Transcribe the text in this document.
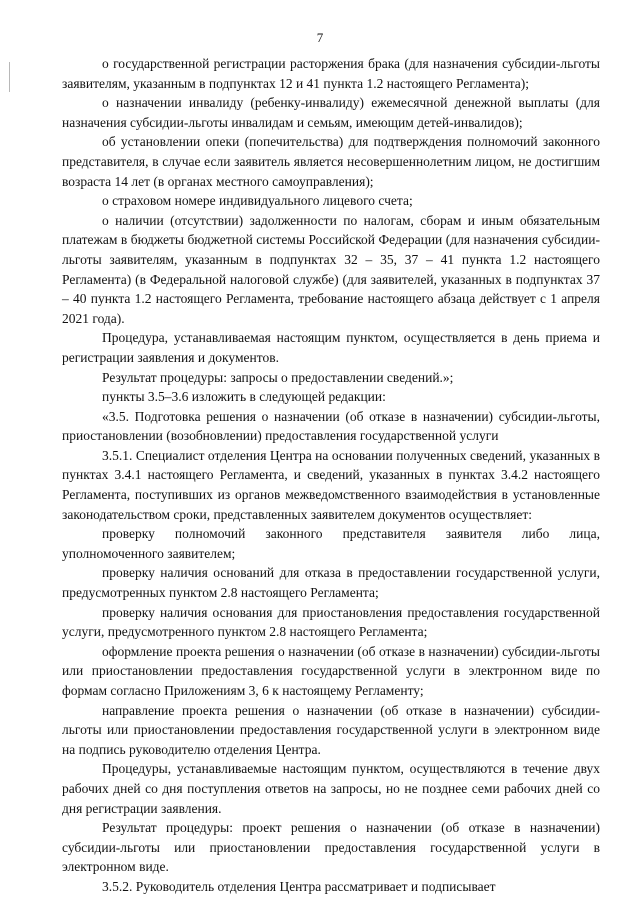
7

о государственной регистрации расторжения брака (для назначения субсидии-льготы заявителям, указанным в подпунктах 12 и 41 пункта 1.2 настоящего Регламента);

о назначении инвалиду (ребенку-инвалиду) ежемесячной денежной выплаты (для назначения субсидии-льготы инвалидам и семьям, имеющим детей-инвалидов);

об установлении опеки (попечительства) для подтверждения полномочий законного представителя, в случае если заявитель является несовершеннолетним лицом, не достигшим возраста 14 лет (в органах местного самоуправления);

о страховом номере индивидуального лицевого счета;

о наличии (отсутствии) задолженности по налогам, сборам и иным обязательным платежам в бюджеты бюджетной системы Российской Федерации (для назначения субсидии-льготы заявителям, указанным в подпунктах 32 – 35, 37 – 41 пункта 1.2 настоящего Регламента) (в Федеральной налоговой службе) (для заявителей, указанных в подпунктах 37 – 40 пункта 1.2 настоящего Регламента, требование настоящего абзаца действует с 1 апреля 2021 года).

Процедура, устанавливаемая настоящим пунктом, осуществляется в день приема и регистрации заявления и документов.

Результат процедуры: запросы о предоставлении сведений.»;

пункты 3.5–3.6 изложить в следующей редакции:

«3.5. Подготовка решения о назначении (об отказе в назначении) субсидии-льготы, приостановлении (возобновлении) предоставления государственной услуги

3.5.1. Специалист отделения Центра на основании полученных сведений, указанных в пунктах 3.4.1 настоящего Регламента, и сведений, указанных в пунктах 3.4.2 настоящего Регламента, поступивших из органов межведомственного взаимодействия в установленные законодательством сроки, представленных заявителем документов осуществляет:

проверку полномочий законного представителя заявителя либо лица, уполномоченного заявителем;

проверку наличия оснований для отказа в предоставлении государственной услуги, предусмотренных пунктом 2.8 настоящего Регламента;

проверку наличия основания для приостановления предоставления государственной услуги, предусмотренного пунктом 2.8 настоящего Регламента;

оформление проекта решения о назначении (об отказе в назначении) субсидии-льготы или приостановлении предоставления государственной услуги в электронном виде по формам согласно Приложениям 3, 6 к настоящему Регламенту;

направление проекта решения о назначении (об отказе в назначении) субсидии-льготы или приостановлении предоставления государственной услуги в электронном виде на подпись руководителю отделения Центра.

Процедуры, устанавливаемые настоящим пунктом, осуществляются в течение двух рабочих дней со дня поступления ответов на запросы, но не позднее семи рабочих дней со дня регистрации заявления.

Результат процедуры: проект решения о назначении (об отказе в назначении) субсидии-льготы или приостановлении предоставления государственной услуги в электронном виде.

3.5.2. Руководитель отделения Центра рассматривает и подписывает
